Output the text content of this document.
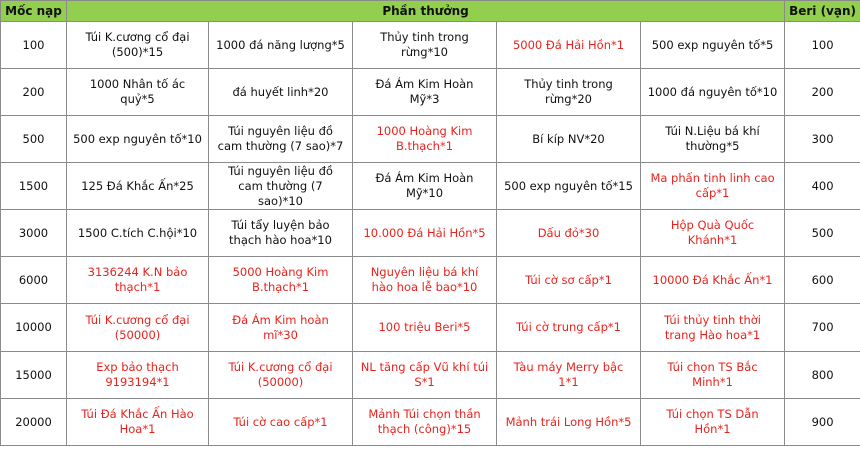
Mốc nạp	Phần thưởng					Beri (vạn)
100	Túi K.cương cổ đại (500)*15	1000 đá năng lượng*5	Thủy tinh trong rừng*10	5000 Đá Hải Hồn*1	500 exp nguyên tố*5	100
200	1000 Nhân tố ác quỷ*5	đá huyết linh*20	Đá Ám Kim Hoàn Mỹ*3	Thủy tinh trong rừng*20	1000 đá nguyên tố*10	200
500	500 exp nguyên tố*10	Túi nguyên liệu đồ cam thường (7 sao)*7	1000 Hoàng Kim B.thạch*1	Bí kíp NV*20	Túi N.Liệu bá khí thường*5	300
1500	125 Đá Khắc Ấn*25	Túi nguyên liệu đồ cam thường (7 sao)*10	Đá Ám Kim Hoàn Mỹ*10	500 exp nguyên tố*15	Ma phấn tinh linh cao cấp*1	400
3000	1500 C.tích C.hội*10	Túi tẩy luyện bảo thạch hào hoa*10	10.000 Đá Hải Hồn*5	Dấu đỏ*30	Hộp Quà Quốc Khánh*1	500
6000	3136244 K.N bảo thạch*1	5000 Hoàng Kim B.thạch*1	Nguyên liệu bá khí hào hoa lễ bao*10	Túi cờ sơ cấp*1	10000 Đá Khắc Ấn*1	600
10000	Túi K.cương cổ đại (50000)	Đá Ám Kim hoàn mĩ*30	100 triệu Beri*5	Túi cờ trung cấp*1	Túi thủy tinh thời trang Hào hoa*1	700
15000	Exp bảo thạch 9193194*1	Túi K.cương cổ đại (50000)	NL tăng cấp Vũ khí túi S*1	Tàu máy Merry bậc 1*1	Túi chọn TS Bắc Minh*1	800
20000	Túi Đá Khắc Ấn Hào Hoa*1	Túi cờ cao cấp*1	Mảnh Túi chọn thần thạch (công)*15	Mảnh trái Long Hồn*5	Túi chọn TS Dẫn Hồn*1	900
